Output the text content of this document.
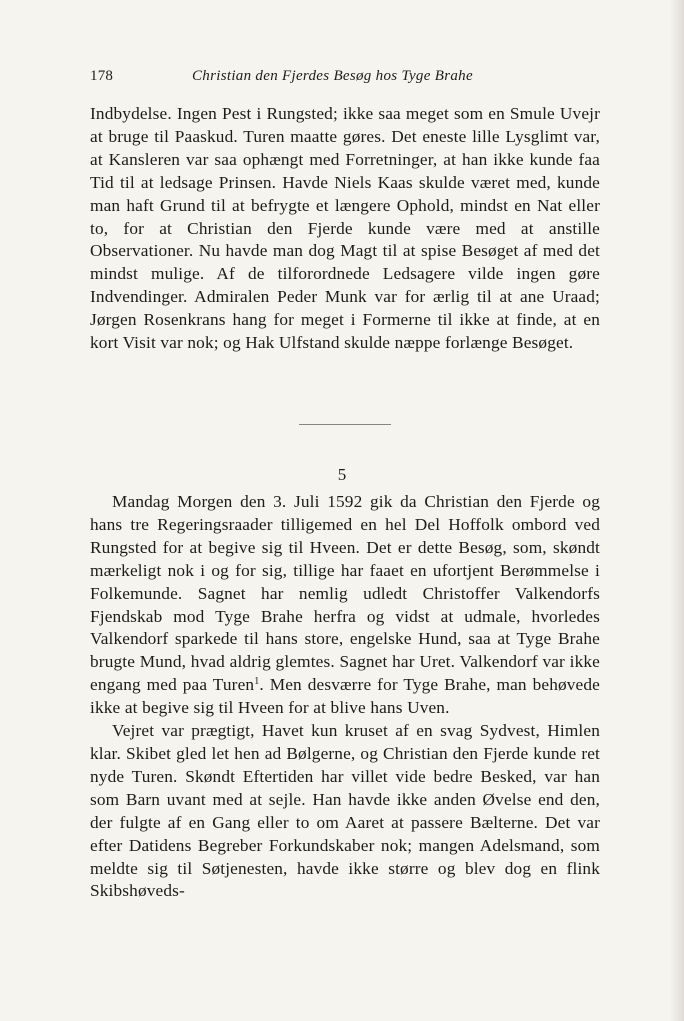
178	Christian den Fjerdes Besøg hos Tyge Brahe

Indbydelse. Ingen Pest i Rungsted; ikke saa meget som en Smule Uvejr at bruge til Paaskud. Turen maatte gøres. Det eneste lille Lysglimt var, at Kansleren var saa ophængt med Forretninger, at han ikke kunde faa Tid til at ledsage Prinsen. Havde Niels Kaas skulde været med, kunde man haft Grund til at befrygte et længere Ophold, mindst en Nat eller to, for at Christian den Fjerde kunde være med at anstille Observationer. Nu havde man dog Magt til at spise Besøget af med det mindst mulige. Af de tilforordnede Ledsagere vilde ingen gøre Indvendinger. Admiralen Peder Munk var for ærlig til at ane Uraad; Jørgen Rosenkrans hang for meget i Formerne til ikke at finde, at en kort Visit var nok; og Hak Ulfstand skulde næppe forlænge Besøget.

5

Mandag Morgen den 3. Juli 1592 gik da Christian den Fjerde og hans tre Regeringsraader tilligemed en hel Del Hoffolk ombord ved Rungsted for at begive sig til Hveen. Det er dette Besøg, som, skøndt mærkeligt nok i og for sig, tillige har faaet en ufortjent Berømmelse i Folkemunde. Sagnet har nemlig udledt Christoffer Valkendorfs Fjendskab mod Tyge Brahe herfra og vidst at udmale, hvorledes Valkendorf sparkede til hans store, engelske Hund, saa at Tyge Brahe brugte Mund, hvad aldrig glemtes. Sagnet har Uret. Valkendorf var ikke engang med paa Turen$^1$. Men desværre for Tyge Brahe, man behøvede ikke at begive sig til Hveen for at blive hans Uven.

Vejret var prægtigt, Havet kun kruset af en svag Sydvest, Himlen klar. Skibet gled let hen ad Bølgerne, og Christian den Fjerde kunde ret nyde Turen. Skøndt Eftertiden har villet vide bedre Besked, var han som Barn uvant med at sejle. Han havde ikke anden Øvelse end den, der fulgte af en Gang eller to om Aaret at passere Bælterne. Det var efter Datidens Begreber Forkundskaber nok; mangen Adelsmand, som meldte sig til Søtjenesten, havde ikke større og blev dog en flink Skibshøveds-
